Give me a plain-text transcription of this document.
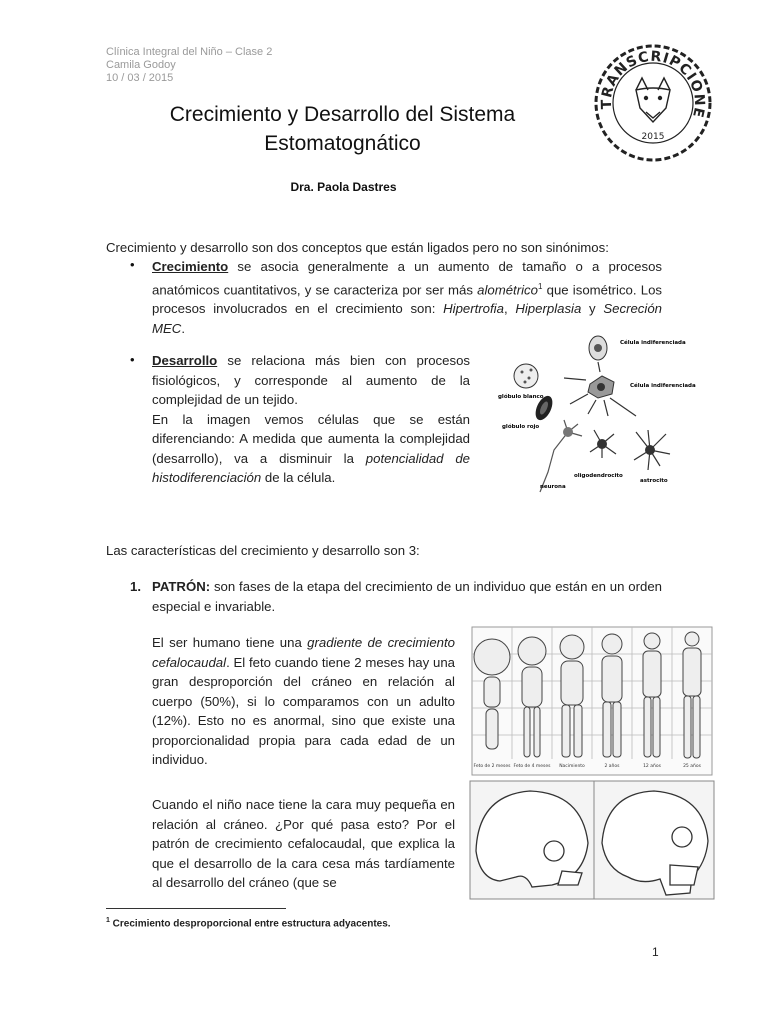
Clínica Integral del Niño – Clase 2
Camila Godoy
10 / 03 / 2015
TRANSCRIPCIONE
2015
Crecimiento y Desarrollo del Sistema
Estomatognático
Dra. Paola Dastres
Crecimiento y desarrollo son dos conceptos que están ligados pero no son sinónimos:
• Crecimiento se asocia generalmente a un aumento de tamaño o a procesos anatómicos cuantitativos, y se caracteriza por ser más alométrico$^1$ que isométrico. Los procesos involucrados en el crecimiento son: Hipertrofia, Hiperplasia y Secreción MEC.
• Desarrollo se relaciona más bien con procesos fisiológicos, y corresponde al aumento de la complejidad de un tejido.
En la imagen vemos células que se están diferenciando: A medida que aumenta la complejidad (desarrollo), va a disminuir la potencialidad de histodiferenciación de la célula.
Célula indiferenciada
Célula indiferenciada
glóbulo blanco
glóbulo rojo
neurona
oligodendrocito
astrocito
Las características del crecimiento y desarrollo son 3:
1. PATRÓN: son fases de la etapa del crecimiento de un individuo que están en un orden especial e invariable.
El ser humano tiene una gradiente de crecimiento cefalocaudal. El feto cuando tiene 2 meses hay una gran desproporción del cráneo en relación al cuerpo (50%), si lo comparamos con un adulto (12%). Esto no es anormal, sino que existe una proporcionalidad propia para cada edad de un individuo.
Cuando el niño nace tiene la cara muy pequeña en relación al cráneo. ¿Por qué pasa esto? Por el patrón de crecimiento cefalocaudal, que explica la que el desarrollo de la cara cesa más tardíamente al desarrollo del cráneo (que se
Feto de 2 meses Feto de 4 meses Nacimiento	2 años	12 años	25 años
$^1$ Crecimiento desproporcional entre estructura adyacentes.
1
